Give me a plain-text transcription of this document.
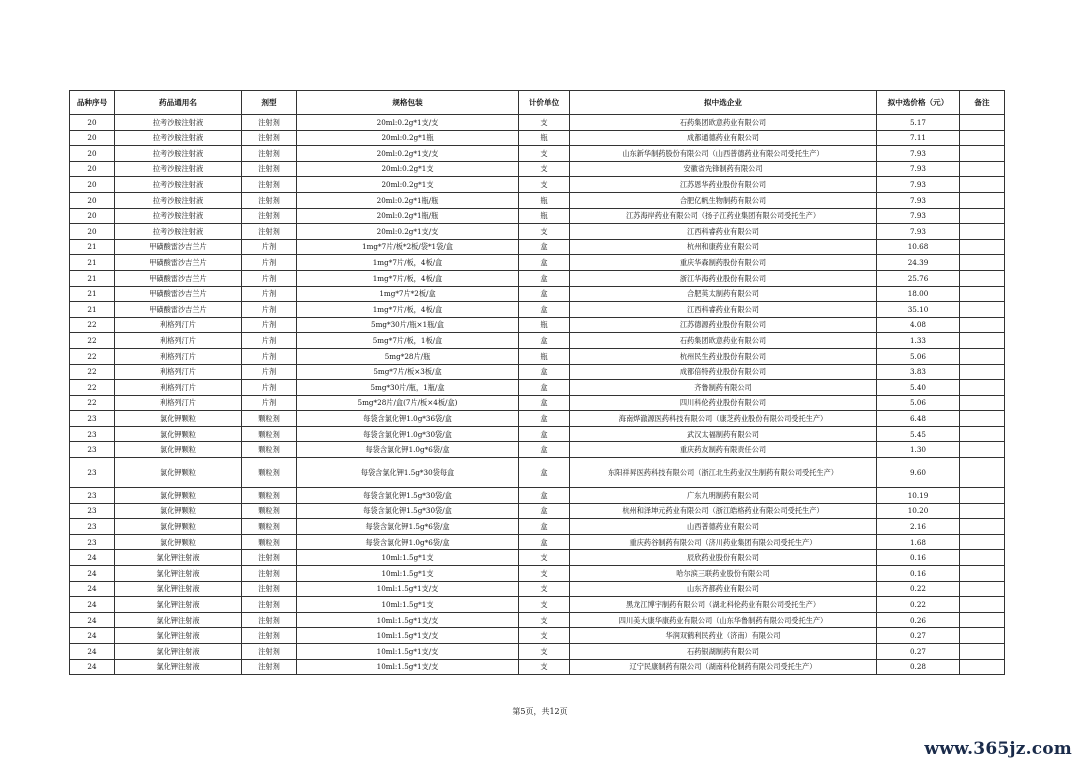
品种序号	药品通用名	剂型	规格包装	计价单位	拟中选企业	拟中选价格（元）	备注
20	拉考沙胺注射液	注射剂	20ml:0.2g*1支/支	支	石药集团欧意药业有限公司	5.17	
20	拉考沙胺注射液	注射剂	20ml:0.2g*1瓶	瓶	成都通德药业有限公司	7.11	
20	拉考沙胺注射液	注射剂	20ml:0.2g*1支/支	支	山东新华制药股份有限公司（山西普德药业有限公司受托生产）	7.93	
20	拉考沙胺注射液	注射剂	20ml:0.2g*1支	支	安徽省先锋制药有限公司	7.93	
20	拉考沙胺注射液	注射剂	20ml:0.2g*1支	支	江苏恩华药业股份有限公司	7.93	
20	拉考沙胺注射液	注射剂	20ml:0.2g*1瓶/瓶	瓶	合肥亿帆生物制药有限公司	7.93	
20	拉考沙胺注射液	注射剂	20ml:0.2g*1瓶/瓶	瓶	江苏海岸药业有限公司（扬子江药业集团有限公司受托生产）	7.93	
20	拉考沙胺注射液	注射剂	20ml:0.2g*1支/支	支	江西科睿药业有限公司	7.93	
21	甲磺酸雷沙吉兰片	片剂	1mg*7片/板*2板/袋*1袋/盒	盒	杭州和康药业有限公司	10.68	
21	甲磺酸雷沙吉兰片	片剂	1mg*7片/板，4板/盒	盒	重庆华森制药股份有限公司	24.39	
21	甲磺酸雷沙吉兰片	片剂	1mg*7片/板，4板/盒	盒	浙江华海药业股份有限公司	25.76	
21	甲磺酸雷沙吉兰片	片剂	1mg*7片*2板/盒	盒	合肥英太制药有限公司	18.00	
21	甲磺酸雷沙吉兰片	片剂	1mg*7片/板，4板/盒	盒	江西科睿药业有限公司	35.10	
22	利格列汀片	片剂	5mg*30片/瓶×1瓶/盒	瓶	江苏德源药业股份有限公司	4.08	
22	利格列汀片	片剂	5mg*7片/板，1板/盒	盒	石药集团欧意药业有限公司	1.33	
22	利格列汀片	片剂	5mg*28片/瓶	瓶	杭州民生药业股份有限公司	5.06	
22	利格列汀片	片剂	5mg*7片/板×3板/盒	盒	成都倍特药业股份有限公司	3.83	
22	利格列汀片	片剂	5mg*30片/瓶，1瓶/盒	盒	齐鲁制药有限公司	5.40	
22	利格列汀片	片剂	5mg*28片/盒(7片/板×4板/盒)	盒	四川科伦药业股份有限公司	5.06	
23	氯化钾颗粒	颗粒剂	每袋含氯化钾1.0g*36袋/盒	盒	海南烨澈源医药科技有限公司（康芝药业股份有限公司受托生产）	6.48	
23	氯化钾颗粒	颗粒剂	每袋含氯化钾1.0g*30袋/盒	盒	武汉太福制药有限公司	5.45	
23	氯化钾颗粒	颗粒剂	每袋含氯化钾1.0g*6袋/盒	盒	重庆药友制药有限责任公司	1.30	
23	氯化钾颗粒	颗粒剂	每袋含氯化钾1.5g*30袋每盒	盒	东阳祥昇医药科技有限公司（浙江北生药业汉生制药有限公司受托生产）	9.60	
23	氯化钾颗粒	颗粒剂	每袋含氯化钾1.5g*30袋/盒	盒	广东九明制药有限公司	10.19	
23	氯化钾颗粒	颗粒剂	每袋含氯化钾1.5g*30袋/盒	盒	杭州和泽坤元药业有限公司（浙江皓格药业有限公司受托生产）	10.20	
23	氯化钾颗粒	颗粒剂	每袋含氯化钾1.5g*6袋/盒	盒	山西普德药业有限公司	2.16	
23	氯化钾颗粒	颗粒剂	每袋含氯化钾1.0g*6袋/盒	盒	重庆药谷制药有限公司（济川药业集团有限公司受托生产）	1.68	
24	氯化钾注射液	注射剂	10ml:1.5g*1支	支	辰欣药业股份有限公司	0.16	
24	氯化钾注射液	注射剂	10ml:1.5g*1支	支	哈尔滨三联药业股份有限公司	0.16	
24	氯化钾注射液	注射剂	10ml:1.5g*1支/支	支	山东齐都药业有限公司	0.22	
24	氯化钾注射液	注射剂	10ml:1.5g*1支	支	黑龙江博宇制药有限公司（湖北科伦药业有限公司受托生产）	0.22	
24	氯化钾注射液	注射剂	10ml:1.5g*1支/支	支	四川美大康华康药业有限公司（山东华鲁制药有限公司受托生产）	0.26	
24	氯化钾注射液	注射剂	10ml:1.5g*1支/支	支	华润双鹤利民药业（济南）有限公司	0.27	
24	氯化钾注射液	注射剂	10ml:1.5g*1支/支	支	石药银湖制药有限公司	0.27	
24	氯化钾注射液	注射剂	10ml:1.5g*1支/支	支	辽宁民康制药有限公司（湖南科伦制药有限公司受托生产）	0.28	
第5页，共12页
www.365jz.com
